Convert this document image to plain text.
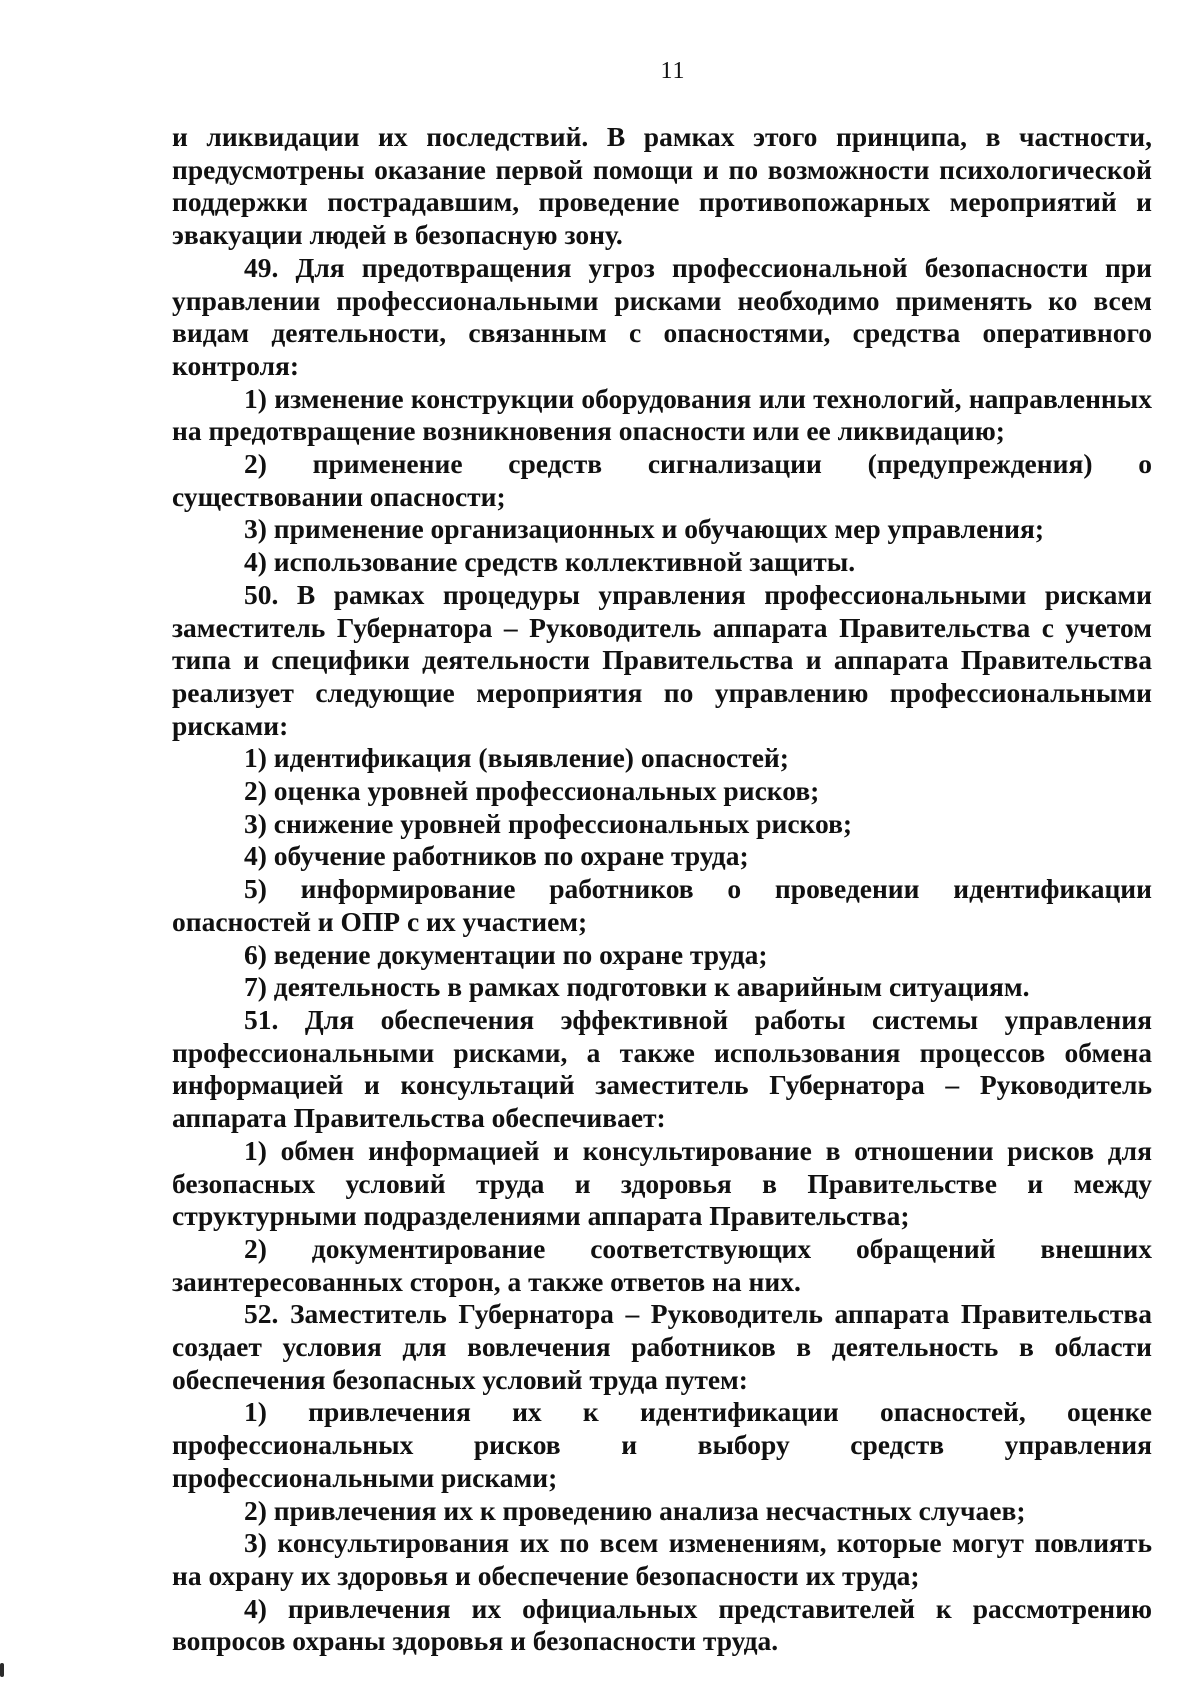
11

и ликвидации их последствий. В рамках этого принципа, в частности, предусмотрены оказание первой помощи и по возможности психологической поддержки пострадавшим, проведение противопожарных мероприятий и эвакуации людей в безопасную зону.

49. Для предотвращения угроз профессиональной безопасности при управлении профессиональными рисками необходимо применять ко всем видам деятельности, связанным с опасностями, средства оперативного контроля:

1) изменение конструкции оборудования или технологий, направленных на предотвращение возникновения опасности или ее ликвидацию;

2) применение средств сигнализации (предупреждения) о существовании опасности;

3) применение организационных и обучающих мер управления;

4) использование средств коллективной защиты.

50. В рамках процедуры управления профессиональными рисками заместитель Губернатора – Руководитель аппарата Правительства с учетом типа и специфики деятельности Правительства и аппарата Правительства реализует следующие мероприятия по управлению профессиональными рисками:

1) идентификация (выявление) опасностей;

2) оценка уровней профессиональных рисков;

3) снижение уровней профессиональных рисков;

4) обучение работников по охране труда;

5) информирование работников о проведении идентификации опасностей и ОПР с их участием;

6) ведение документации по охране труда;

7) деятельность в рамках подготовки к аварийным ситуациям.

51. Для обеспечения эффективной работы системы управления профессиональными рисками, а также использования процессов обмена информацией и консультаций заместитель Губернатора – Руководитель аппарата Правительства обеспечивает:

1) обмен информацией и консультирование в отношении рисков для безопасных условий труда и здоровья в Правительстве и между структурными подразделениями аппарата Правительства;

2) документирование соответствующих обращений внешних заинтересованных сторон, а также ответов на них.

52. Заместитель Губернатора – Руководитель аппарата Правительства создает условия для вовлечения работников в деятельность в области обеспечения безопасных условий труда путем:

1) привлечения их к идентификации опасностей, оценке профессиональных рисков и выбору средств управления профессиональными рисками;

2) привлечения их к проведению анализа несчастных случаев;

3) консультирования их по всем изменениям, которые могут повлиять на охрану их здоровья и обеспечение безопасности их труда;

4) привлечения их официальных представителей к рассмотрению вопросов охраны здоровья и безопасности труда.
